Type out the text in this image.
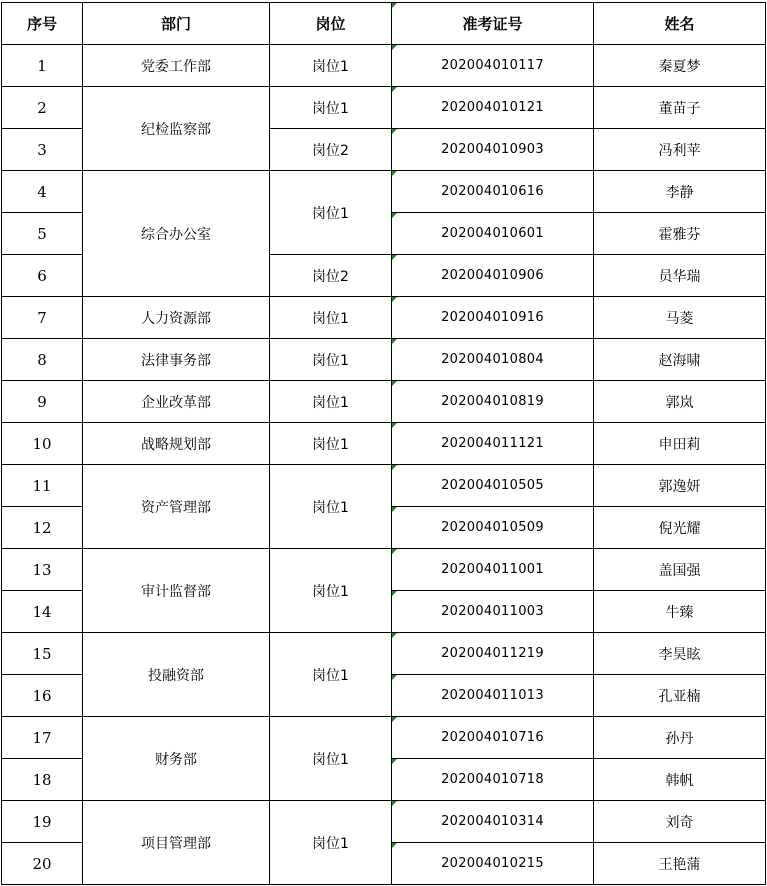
序号	部门	岗位	准考证号	姓名
1	党委工作部	岗位1	202004010117	秦夏梦
2	纪检监察部	岗位1	202004010121	董苗子
3		岗位2	202004010903	冯利苹
4	综合办公室	岗位1	202004010616	李静
5			202004010601	霍雅芬
6		岗位2	202004010906	员华瑞
7	人力资源部	岗位1	202004010916	马菱
8	法律事务部	岗位1	202004010804	赵海啸
9	企业改革部	岗位1	202004010819	郭岚
10	战略规划部	岗位1	202004011121	申田莉
11	资产管理部	岗位1	202004010505	郭逸妍
12			202004010509	倪光耀
13	审计监督部	岗位1	202004011001	盖国强
14			202004011003	牛臻
15	投融资部	岗位1	202004011219	李昊眩
16			202004011013	孔亚楠
17	财务部	岗位1	202004010716	孙丹
18			202004010718	韩帆
19	项目管理部	岗位1	202004010314	刘奇
20			202004010215	王艳蒲
